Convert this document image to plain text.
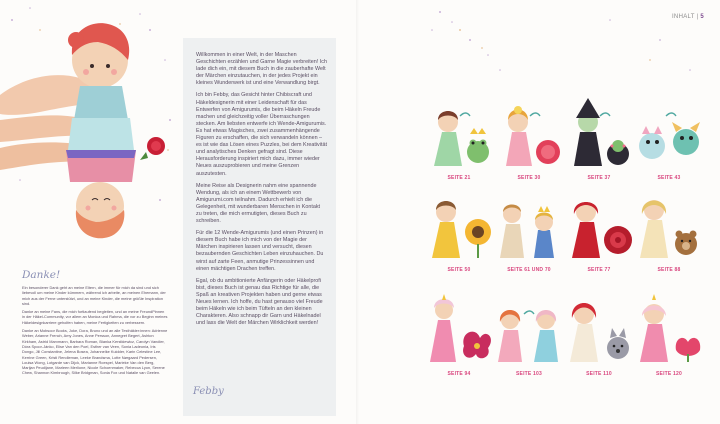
Danke!

Ein besonderer Dank geht an meine Eltern, die immer für mich da sind und sich liebevoll um meine Kinder kümmern, während ich arbeite, an meinen Ehemann, der mich aus der Ferne unterstützt, und an meine Kinder, die meine größte Inspiration sind.

Danke an meine Fans, die mich fortlaufend begleiten, und an meine FreundPinnen in der Häkel-Community, vor allem an Monica und Rahma, die vor zu Beginn meines Häkeldesignkarriere geholfen haben, meine Fertigkeiten zu verbessern.

Danke an Mobsoor Books, Joke, Dora, Bruno und an alle Testhäkler:innen: Adrienne Weber, Arianne French, Amy Jones, Anne Persson, Annegret Begert, Ashton Kirkham, Astrid Marxmann, Barbara Roman, Bianka Kerstkiewicz, Carolyn Vandier, Dóra Spoor-Jánko, Elise Van den Poel, Esther van Veen, Sonia Ladeonia, Iris Dongo, Jill Constantine, Jelena Bosea, Johannelke Kuidder, Karin Celestine Lee, Kerrine Green, Kristi Rendleman, Leeke Brandsma, Lotte Nørgaard Pedersen, Louisa Wong, Lotgarde van Dijck, Marianne Roespel, Marieke Van den Berg, Marijan Peudijane, Marleen Merlione, Nicole Schoenmaker, Rebecca Lyon, Serene Chew, Shannon Kimbrough, Silke Bridgman, Sonia Fox und Natalie van Geelen.

Willkommen in einer Welt, in der Maschen Geschichten erzählen und Garne Magie verbreiten! Ich lade dich ein, mit diesem Buch in die zauberhafte Welt der Märchen einzutauchen, in der jedes Projekt ein kleines Wunderwerk ist und eine Verwandlung birgt.

Ich bin Febby, das Gesicht hinter Chibiscraft und Häkeldesignerin mit einer Leidenschaft für das Entwerfen von Amigurumis, die beim Häkeln Freude machen und gleichzeitig voller Überraschungen stecken. Am liebsten entwerfe ich Wende-Amigurumis. Es hat etwas Magisches, zwei zusammenhängende Figuren zu erschaffen, die sich verwandeln können – es ist wie das Lösen eines Puzzles, bei dem Kreativität und analytisches Denken gefragt sind. Diese Herausforderung inspiriert mich dazu, immer wieder Neues auszuprobieren und meine Grenzen auszutesten.

Meine Reise als Designerin nahm eine spannende Wendung, als ich an einem Wettbewerb von Amigurumi.com teilnahm. Dadurch erhielt ich die Gelegenheit, mit wunderbaren Menschen in Kontakt zu treten, die mich ermutigten, dieses Buch zu schreiben.

Für die 12 Wende-Amigurumis (und einen Prinzen) in diesem Buch habe ich mich von der Magie der Märchen inspirieren lassen und versucht, diesen bezaubernden Geschichten Leben einzuhauchen. Du wirst auf zarte Feen, anmutige Prinzessinnen und einen mächtigen Drachen treffen.

Egal, ob du ambitionierte Anfängerin oder Häkelprofi bist, dieses Buch ist genau das Richtige für alle, die Spaß an kreativen Projekten haben und gerne etwas Neues lernen. Ich hoffe, du hast genauso viel Freude beim Häkeln wie ich beim Tüfteln an den kleinen Charakteren. Also schnapp dir Garn und Häkelnadel und lass die Welt der Märchen Wirklichkeit werden!

Febby
INHALT | 5
SEITE 21	SEITE 30	SEITE 37	SEITE 43
SEITE 50	SEITE 61 UND 70	SEITE 77	SEITE 88
SEITE 94	SEITE 103	SEITE 110	SEITE 120
